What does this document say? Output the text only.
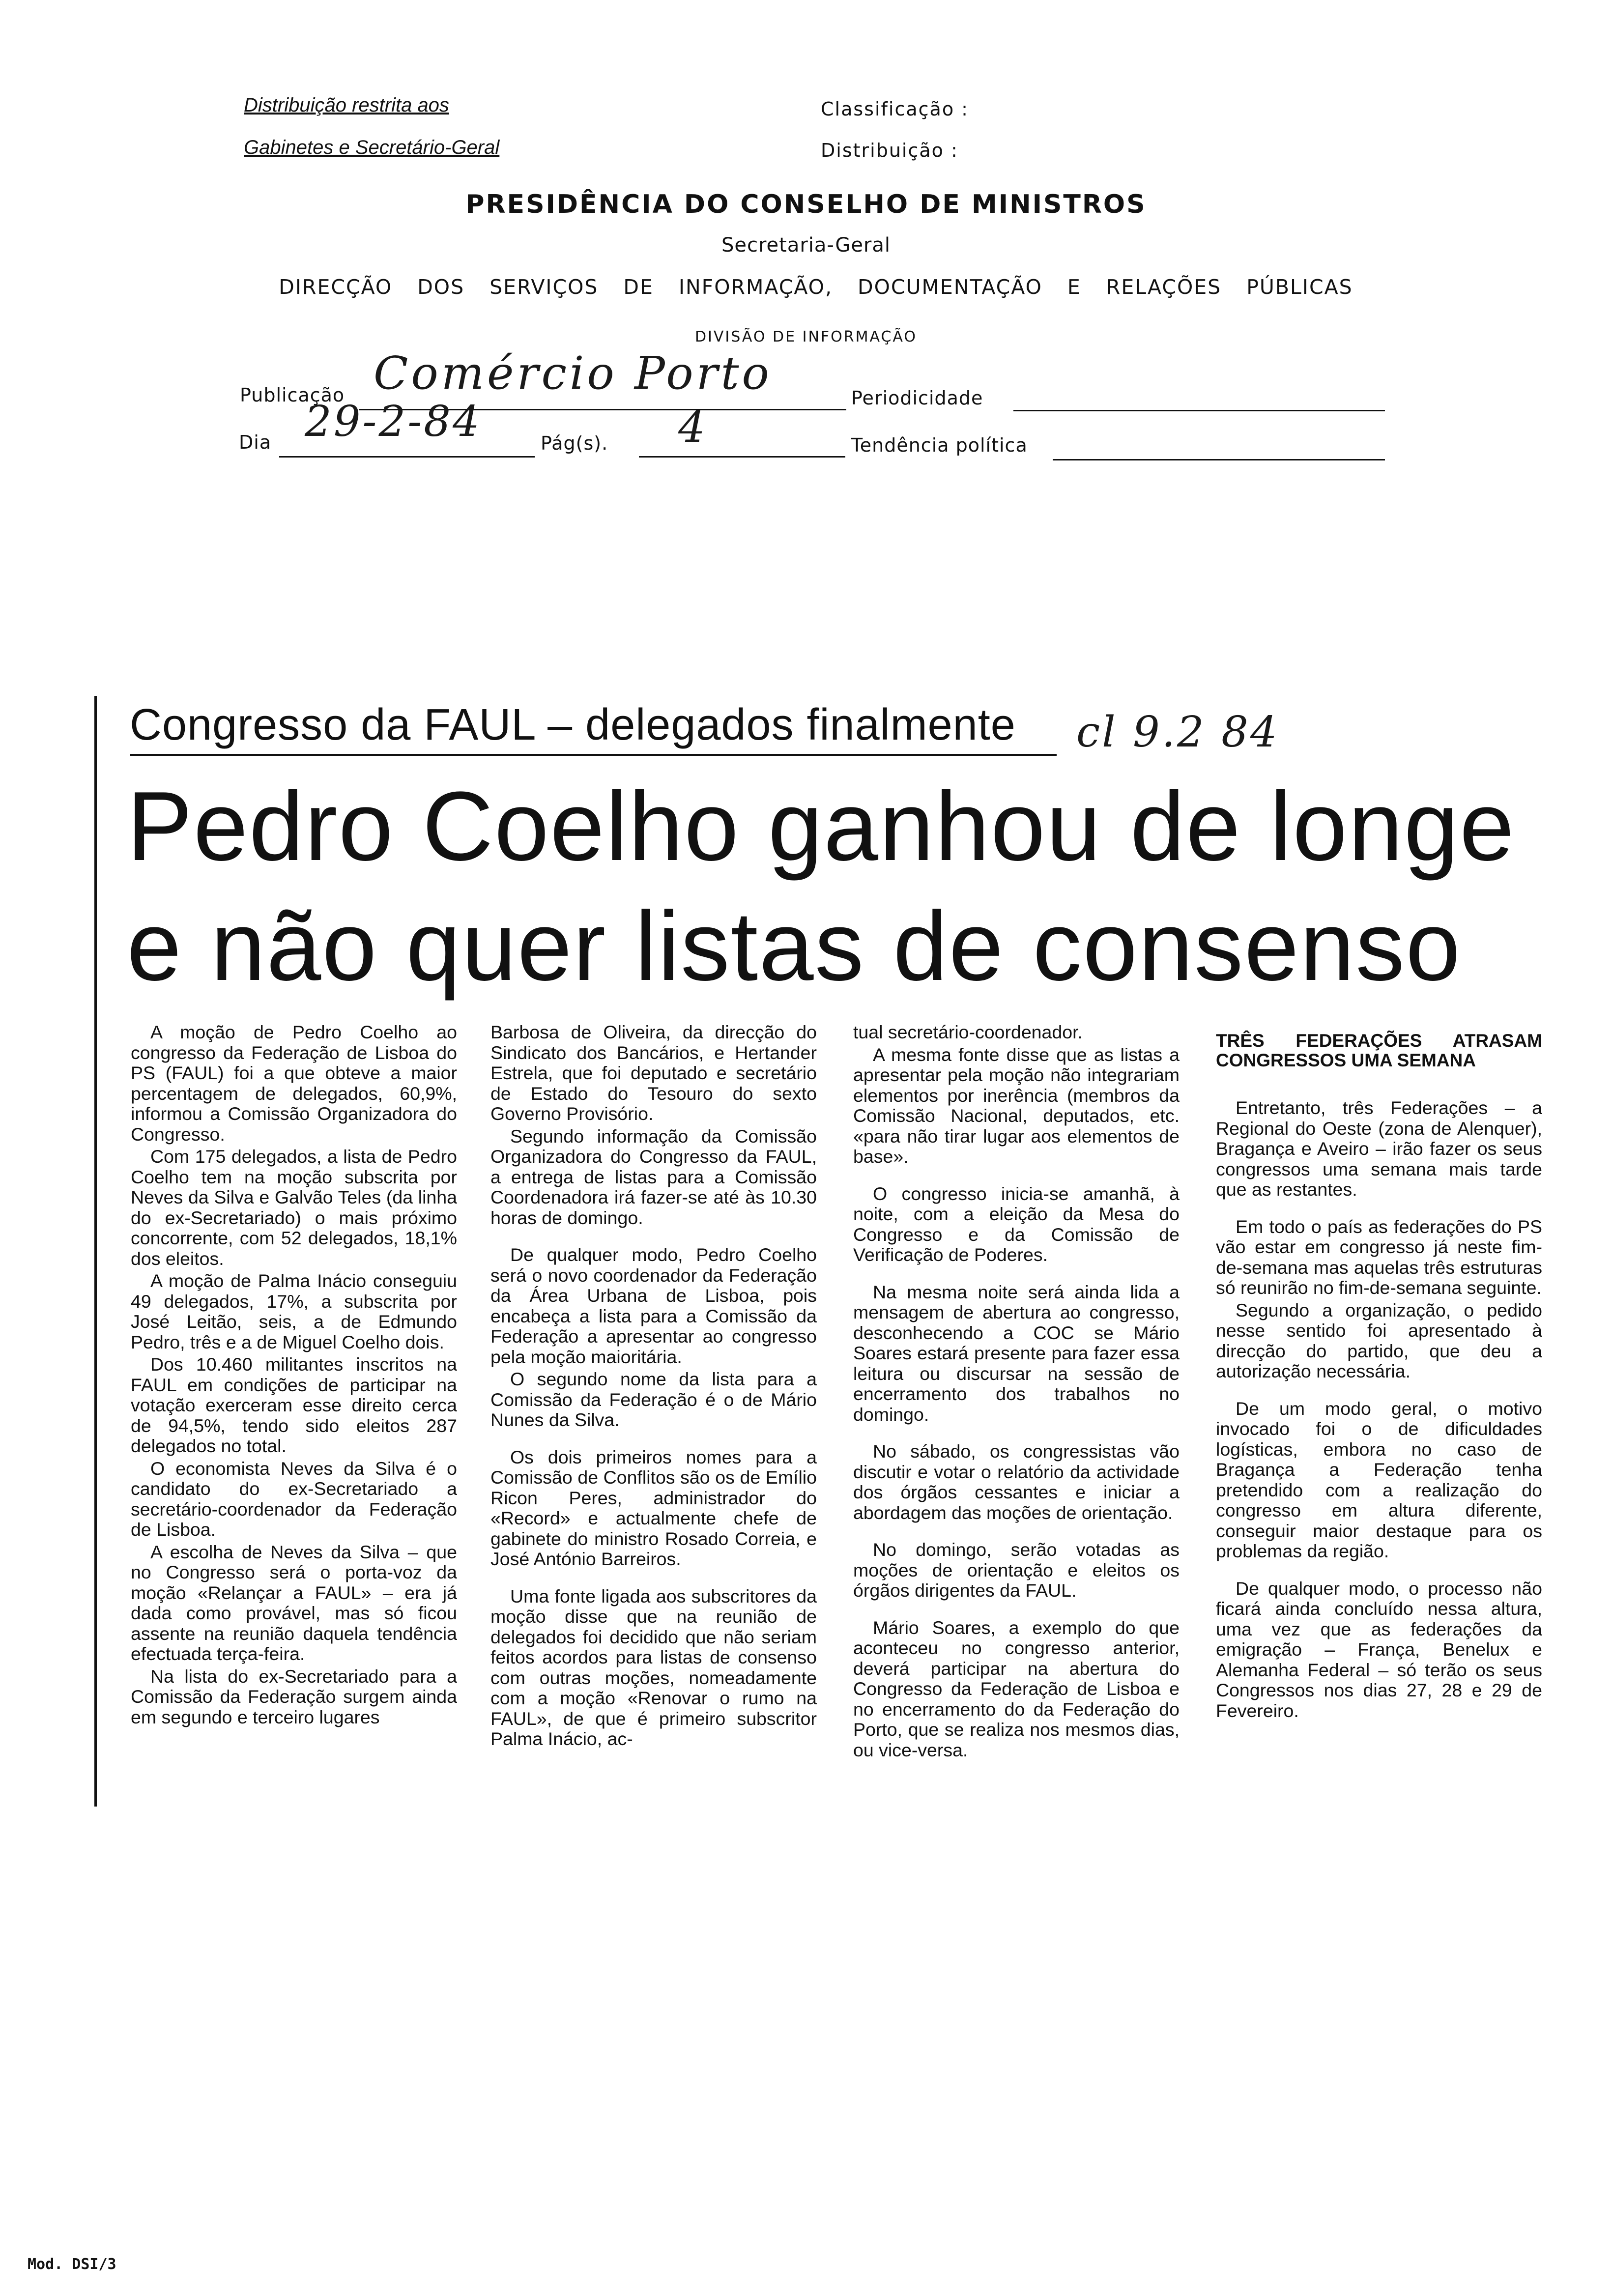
Distribuição restrita aos
Gabinetes e Secretário-Geral
Classificação :
Distribuição :
PRESIDÊNCIA DO CONSELHO DE MINISTROS
Secretaria-Geral
DIRECÇÃO DOS SERVIÇOS DE INFORMAÇÃO, DOCUMENTAÇÃO E RELAÇÕES PÚBLICAS
DIVISÃO DE INFORMAÇÃO
Publicação Comércio Porto	Periodicidade
Dia 29-2-84	Pág(s). 4	Tendência política
Congresso da FAUL – delegados finalmente cl 9.2 84
Pedro Coelho ganhou de longe
e não quer listas de consenso

A moção de Pedro Coelho ao congresso da Federação de Lisboa do PS (FAUL) foi a que obteve a maior percentagem de delegados, 60,9%, informou a Comissão Organizadora do Congresso.

Com 175 delegados, a lista de Pedro Coelho tem na moção subscrita por Neves da Silva e Galvão Teles (da linha do ex-Secretariado) o mais próximo concorrente, com 52 delegados, 18,1% dos eleitos.

A moção de Palma Inácio conseguiu 49 delegados, 17%, a subscrita por José Leitão, seis, a de Edmundo Pedro, três e a de Miguel Coelho dois.

Dos 10.460 militantes inscritos na FAUL em condições de participar na votação exerceram esse direito cerca de 94,5%, tendo sido eleitos 287 delegados no total.

O economista Neves da Silva é o candidato do ex-Secretariado a secretário-coordenador da Federação de Lisboa.

A escolha de Neves da Silva – que no Congresso será o porta-voz da moção «Relançar a FAUL» – era já dada como provável, mas só ficou assente na reunião daquela tendência efectuada terça-feira.

Na lista do ex-Secretariado para a Comissão da Federação surgem ainda em segundo e terceiro lugares

Barbosa de Oliveira, da direcção do Sindicato dos Bancários, e Hertander Estrela, que foi deputado e secretário de Estado do Tesouro do sexto Governo Provisório.

Segundo informação da Comissão Organizadora do Congresso da FAUL, a entrega de listas para a Comissão Coordenadora irá fazer-se até às 10.30 horas de domingo.

De qualquer modo, Pedro Coelho será o novo coordenador da Federação da Área Urbana de Lisboa, pois encabeça a lista para a Comissão da Federação a apresentar ao congresso pela moção maioritária.

O segundo nome da lista para a Comissão da Federação é o de Mário Nunes da Silva.

Os dois primeiros nomes para a Comissão de Conflitos são os de Emílio Ricon Peres, administrador do «Record» e actualmente chefe de gabinete do ministro Rosado Correia, e José António Barreiros.

Uma fonte ligada aos subscritores da moção disse que na reunião de delegados foi decidido que não seriam feitos acordos para listas de consenso com outras moções, nomeadamente com a moção «Renovar o rumo na FAUL», de que é primeiro subscritor Palma Inácio, ac-

tual secretário-coordenador.

A mesma fonte disse que as listas a apresentar pela moção não integrariam elementos por inerência (membros da Comissão Nacional, deputados, etc. «para não tirar lugar aos elementos de base».

O congresso inicia-se amanhã, à noite, com a eleição da Mesa do Congresso e da Comissão de Verificação de Poderes.

Na mesma noite será ainda lida a mensagem de abertura ao congresso, desconhecendo a COC se Mário Soares estará presente para fazer essa leitura ou discursar na sessão de encerramento dos trabalhos no domingo.

No sábado, os congressistas vão discutir e votar o relatório da actividade dos órgãos cessantes e iniciar a abordagem das moções de orientação.

No domingo, serão votadas as moções de orientação e eleitos os órgãos dirigentes da FAUL.

Mário Soares, a exemplo do que aconteceu no congresso anterior, deverá participar na abertura do Congresso da Federação de Lisboa e no encerramento do da Federação do Porto, que se realiza nos mesmos dias, ou vice-versa.

TRÊS FEDERAÇÕES ATRASAM CONGRESSOS UMA SEMANA

Entretanto, três Federações – a Regional do Oeste (zona de Alenquer), Bragança e Aveiro – irão fazer os seus congressos uma semana mais tarde que as restantes.

Em todo o país as federações do PS vão estar em congresso já neste fim-de-semana mas aquelas três estruturas só reunirão no fim-de-semana seguinte.

Segundo a organização, o pedido nesse sentido foi apresentado à direcção do partido, que deu a autorização necessária.

De um modo geral, o motivo invocado foi o de dificuldades logísticas, embora no caso de Bragança a Federação tenha pretendido com a realização do congresso em altura diferente, conseguir maior destaque para os problemas da região.

De qualquer modo, o processo não ficará ainda concluído nessa altura, uma vez que as federações da emigração – França, Benelux e Alemanha Federal – só terão os seus Congressos nos dias 27, 28 e 29 de Fevereiro.

Mod. DSI/3
